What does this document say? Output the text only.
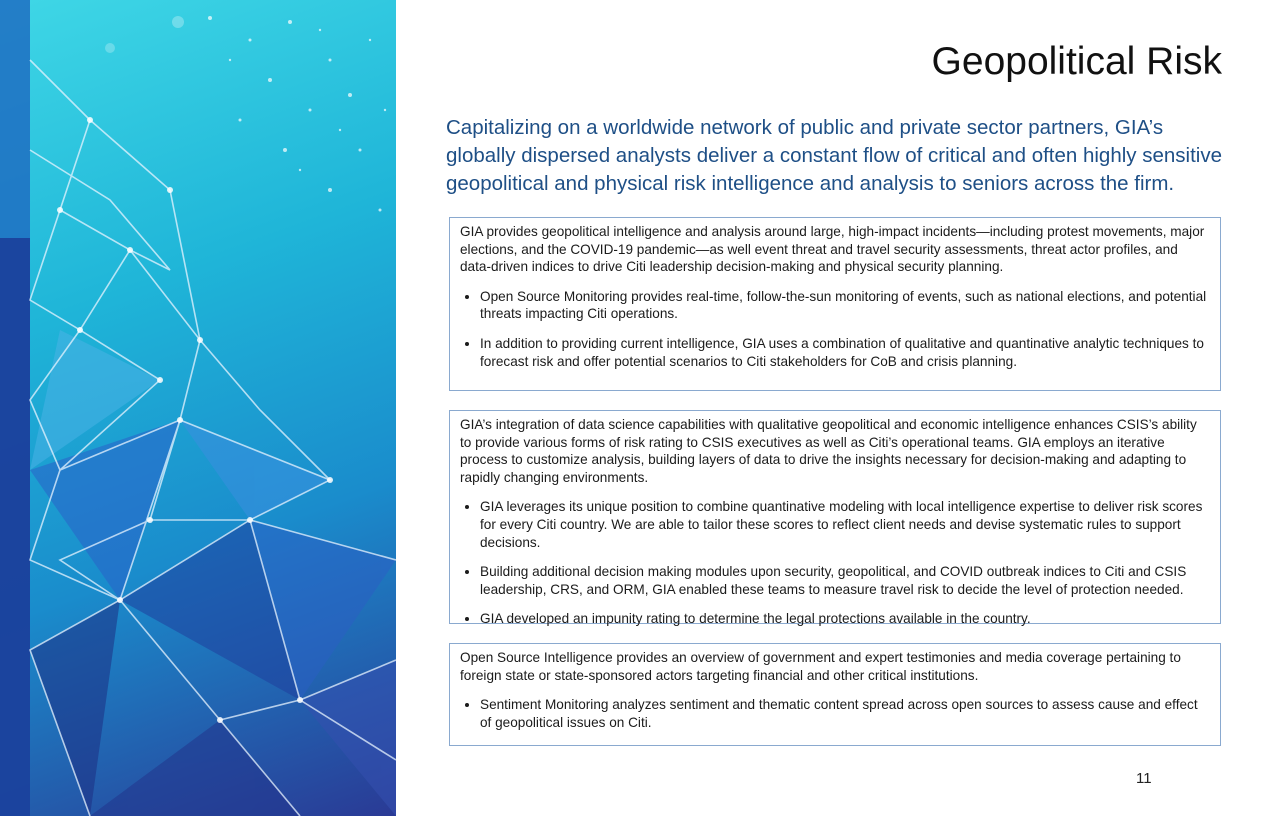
Geopolitical Risk

Capitalizing on a worldwide network of public and private sector partners, GIA’s globally dispersed analysts deliver a constant flow of critical and often highly sensitive geopolitical and physical risk intelligence and analysis to seniors across the firm.

GIA provides geopolitical intelligence and analysis around large, high-impact incidents—including protest movements, major elections, and the COVID-19 pandemic—as well event threat and travel security assessments, threat actor profiles, and data-driven indices to drive Citi leadership decision-making and physical security planning.

• Open Source Monitoring provides real-time, follow-the-sun monitoring of events, such as national elections, and potential threats impacting Citi operations.
• In addition to providing current intelligence, GIA uses a combination of qualitative and quantinative analytic techniques to forecast risk and offer potential scenarios to Citi stakeholders for CoB and crisis planning.

GIA’s integration of data science capabilities with qualitative geopolitical and economic intelligence enhances CSIS’s ability to provide various forms of risk rating to CSIS executives as well as Citi’s operational teams. GIA employs an iterative process to customize analysis, building layers of data to drive the insights necessary for decision-making and adapting to rapidly changing environments.

• GIA leverages its unique position to combine quantinative modeling with local intelligence expertise to deliver risk scores for every Citi country. We are able to tailor these scores to reflect client needs and devise systematic rules to support decisions.
• Building additional decision making modules upon security, geopolitical, and COVID outbreak indices to Citi and CSIS leadership, CRS, and ORM, GIA enabled these teams to measure travel risk to decide the level of protection needed.
• GIA developed an impunity rating to determine the legal protections available in the country.

Open Source Intelligence provides an overview of government and expert testimonies and media coverage pertaining to foreign state or state-sponsored actors targeting financial and other critical institutions.

• Sentiment Monitoring analyzes sentiment and thematic content spread across open sources to assess cause and effect of geopolitical issues on Citi.
11
